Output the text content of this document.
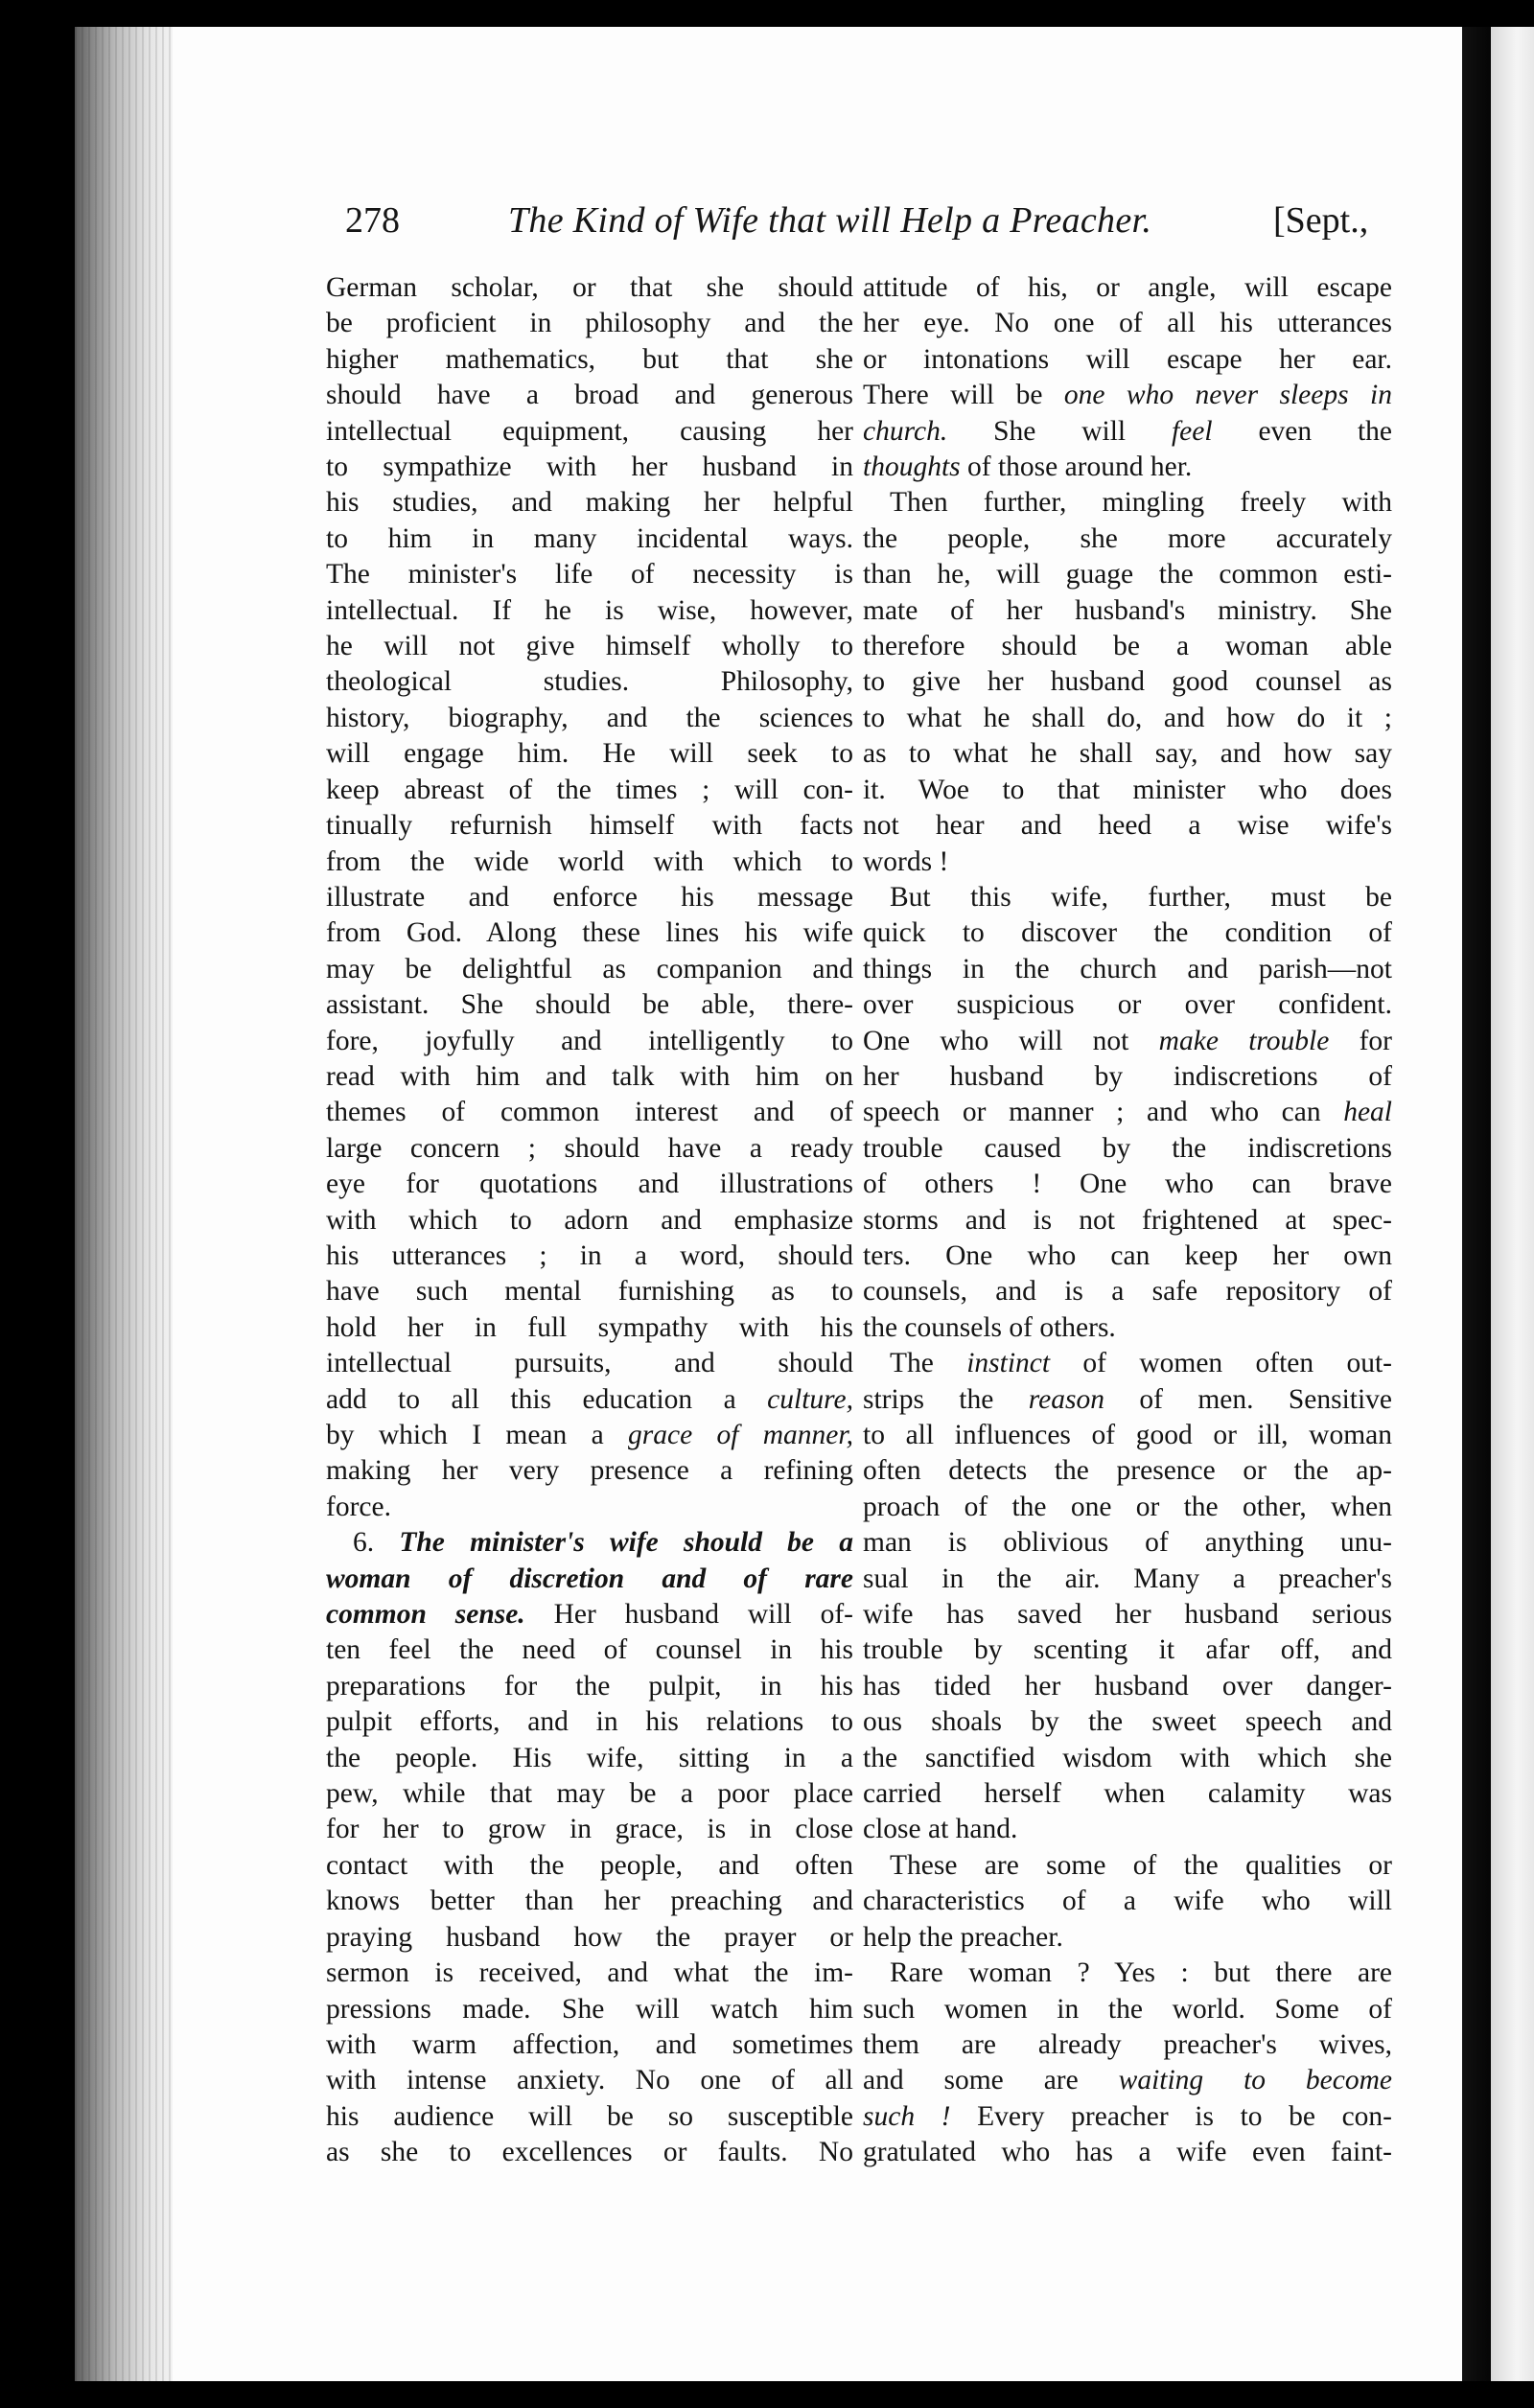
278	The Kind of Wife that will Help a Preacher.	[Sept.,

German scholar, or that she should
be proficient in philosophy and the
higher mathematics, but that she
should have a broad and generous
intellectual equipment, causing her
to sympathize with her husband in
his studies, and making her helpful
to him in many incidental ways.
The minister's life of necessity is
intellectual. If he is wise, however,
he will not give himself wholly to
theological studies. Philosophy,
history, biography, and the sciences
will engage him. He will seek to
keep abreast of the times ; will con-
tinually refurnish himself with facts
from the wide world with which to
illustrate and enforce his message
from God. Along these lines his wife
may be delightful as companion and
assistant. She should be able, there-
fore, joyfully and intelligently to
read with him and talk with him on
themes of common interest and of
large concern ; should have a ready
eye for quotations and illustrations
with which to adorn and emphasize
his utterances ; in a word, should
have such mental furnishing as to
hold her in full sympathy with his
intellectual pursuits, and should
add to all this education a culture,
by which I mean a grace of manner,
making her very presence a refining
force.

6. The minister's wife should be a
woman of discretion and of rare
common sense. Her husband will of-
ten feel the need of counsel in his
preparations for the pulpit, in his
pulpit efforts, and in his relations to
the people. His wife, sitting in a
pew, while that may be a poor place
for her to grow in grace, is in close
contact with the people, and often
knows better than her preaching and
praying husband how the prayer or
sermon is received, and what the im-
pressions made. She will watch him
with warm affection, and sometimes
with intense anxiety. No one of all
his audience will be so susceptible
as she to excellences or faults. No

attitude of his, or angle, will escape
her eye. No one of all his utterances
or intonations will escape her ear.
There will be one who never sleeps in
church. She will feel even the
thoughts of those around her.

Then further, mingling freely with
the people, she more accurately
than he, will guage the common esti-
mate of her husband's ministry. She
therefore should be a woman able
to give her husband good counsel as
to what he shall do, and how do it ;
as to what he shall say, and how say
it. Woe to that minister who does
not hear and heed a wise wife's
words !

But this wife, further, must be
quick to discover the condition of
things in the church and parish—not
over suspicious or over confident.
One who will not make trouble for
her husband by indiscretions of
speech or manner ; and who can heal
trouble caused by the indiscretions
of others ! One who can brave
storms and is not frightened at spec-
ters. One who can keep her own
counsels, and is a safe repository of
the counsels of others.

The instinct of women often out-
strips the reason of men. Sensitive
to all influences of good or ill, woman
often detects the presence or the ap-
proach of the one or the other, when
man is oblivious of anything unu-
sual in the air. Many a preacher's
wife has saved her husband serious
trouble by scenting it afar off, and
has tided her husband over danger-
ous shoals by the sweet speech and
the sanctified wisdom with which she
carried herself when calamity was
close at hand.

These are some of the qualities or
characteristics of a wife who will
help the preacher.

Rare woman ? Yes : but there are
such women in the world. Some of
them are already preacher's wives,
and some are waiting to become
such ! Every preacher is to be con-
gratulated who has a wife even faint-
